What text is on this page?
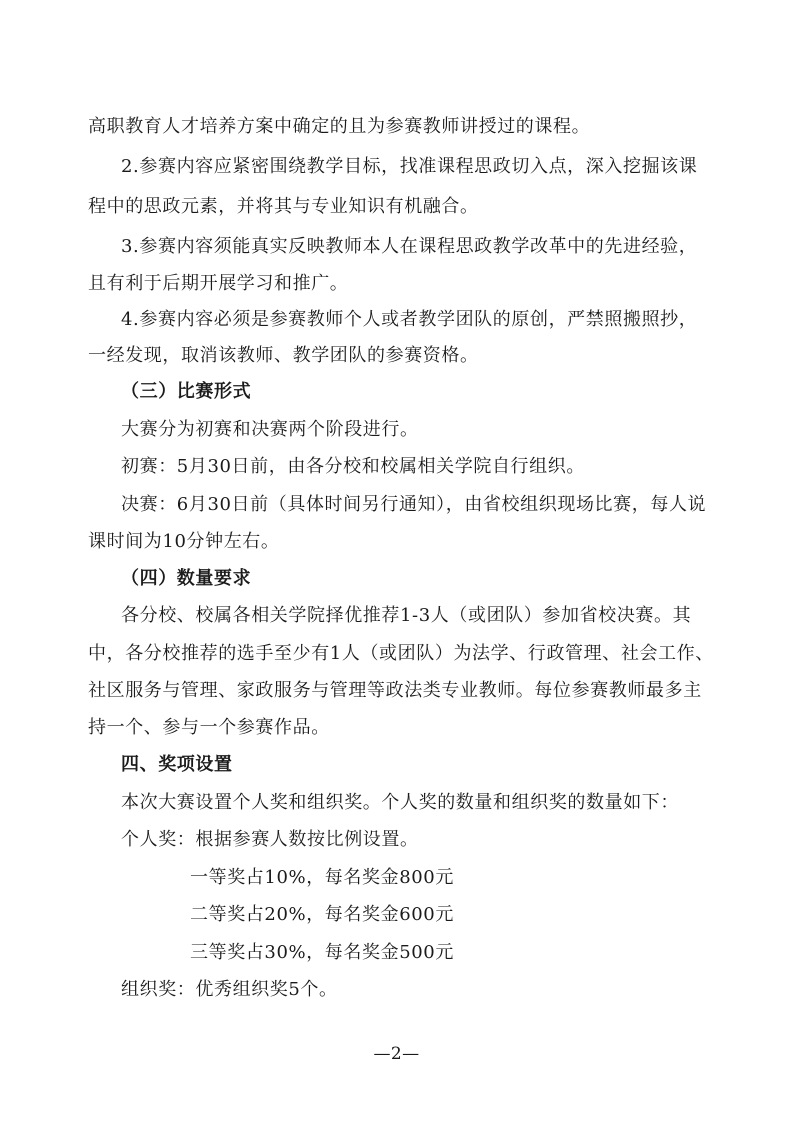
高职教育人才培养方案中确定的且为参赛教师讲授过的课程。
2.参赛内容应紧密围绕教学目标，找准课程思政切入点，深入挖掘该课
程中的思政元素，并将其与专业知识有机融合。
3.参赛内容须能真实反映教师本人在课程思政教学改革中的先进经验，
且有利于后期开展学习和推广。
4.参赛内容必须是参赛教师个人或者教学团队的原创，严禁照搬照抄，
一经发现，取消该教师、教学团队的参赛资格。
（三）比赛形式
大赛分为初赛和决赛两个阶段进行。
初赛：5月30日前，由各分校和校属相关学院自行组织。
决赛：6月30日前（具体时间另行通知），由省校组织现场比赛，每人说
课时间为10分钟左右。
（四）数量要求
各分校、校属各相关学院择优推荐1-3人（或团队）参加省校决赛。其
中，各分校推荐的选手至少有1人（或团队）为法学、行政管理、社会工作、
社区服务与管理、家政服务与管理等政法类专业教师。每位参赛教师最多主
持一个、参与一个参赛作品。
四、奖项设置
本次大赛设置个人奖和组织奖。个人奖的数量和组织奖的数量如下：
个人奖：根据参赛人数按比例设置。
一等奖占10%，每名奖金800元
二等奖占20%，每名奖金600元
三等奖占30%，每名奖金500元
组织奖：优秀组织奖5个。
—2—
